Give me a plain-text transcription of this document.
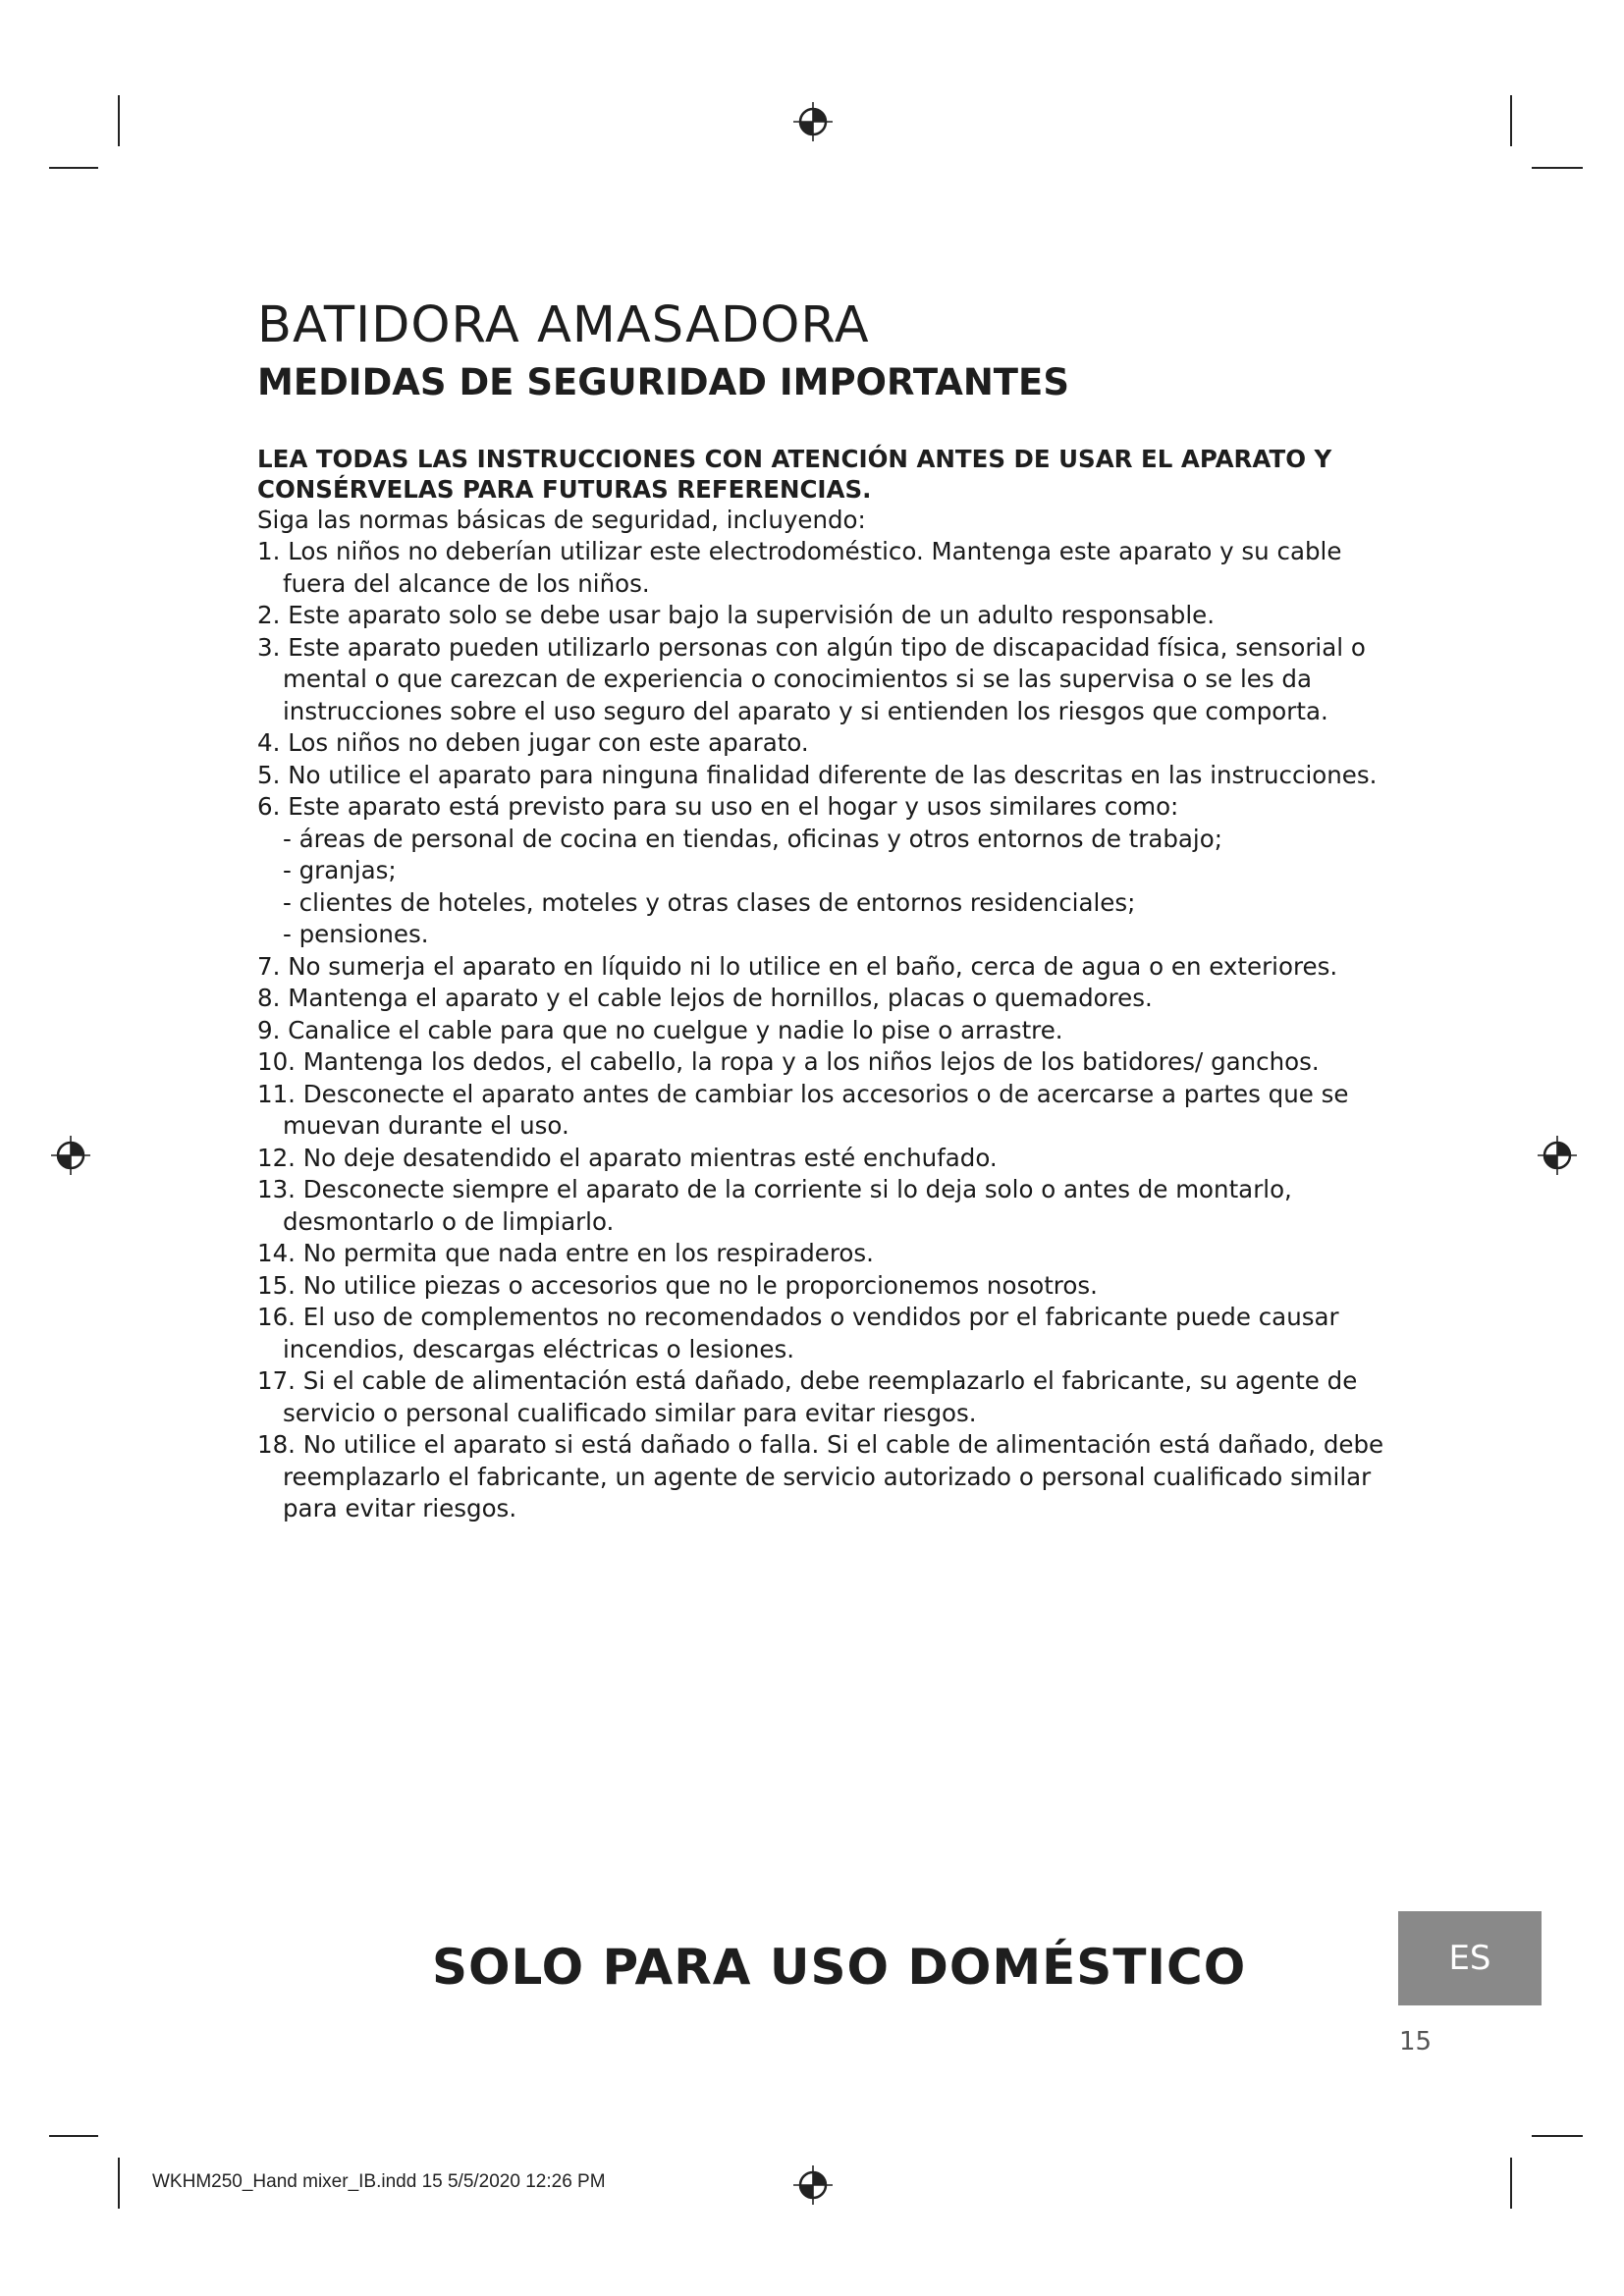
BATIDORA AMASADORA
MEDIDAS DE SEGURIDAD IMPORTANTES

LEA TODAS LAS INSTRUCCIONES CON ATENCIÓN ANTES DE USAR EL APARATO Y CONSÉRVELAS PARA FUTURAS REFERENCIAS.

Siga las normas básicas de seguridad, incluyendo:

1. Los niños no deberían utilizar este electrodoméstico. Mantenga este aparato y su cable fuera del alcance de los niños.
2. Este aparato solo se debe usar bajo la supervisión de un adulto responsable.
3. Este aparato pueden utilizarlo personas con algún tipo de discapacidad física, sensorial o mental o que carezcan de experiencia o conocimientos si se las supervisa o se les da instrucciones sobre el uso seguro del aparato y si entienden los riesgos que comporta.
4. Los niños no deben jugar con este aparato.
5. No utilice el aparato para ninguna finalidad diferente de las descritas en las instrucciones.
6. Este aparato está previsto para su uso en el hogar y usos similares como:
- áreas de personal de cocina en tiendas, oficinas y otros entornos de trabajo;
- granjas;
- clientes de hoteles, moteles y otras clases de entornos residenciales;
- pensiones.
7. No sumerja el aparato en líquido ni lo utilice en el baño, cerca de agua o en exteriores.
8. Mantenga el aparato y el cable lejos de hornillos, placas o quemadores.
9. Canalice el cable para que no cuelgue y nadie lo pise o arrastre.
10. Mantenga los dedos, el cabello, la ropa y a los niños lejos de los batidores/ ganchos.
11. Desconecte el aparato antes de cambiar los accesorios o de acercarse a partes que se muevan durante el uso.
12. No deje desatendido el aparato mientras esté enchufado.
13. Desconecte siempre el aparato de la corriente si lo deja solo o antes de montarlo, desmontarlo o de limpiarlo.
14. No permita que nada entre en los respiraderos.
15. No utilice piezas o accesorios que no le proporcionemos nosotros.
16. El uso de complementos no recomendados o vendidos por el fabricante puede causar incendios, descargas eléctricas o lesiones.
17. Si el cable de alimentación está dañado, debe reemplazarlo el fabricante, su agente de servicio o personal cualificado similar para evitar riesgos.
18. No utilice el aparato si está dañado o falla. Si el cable de alimentación está dañado, debe reemplazarlo el fabricante, un agente de servicio autorizado o personal cualificado similar para evitar riesgos.
SOLO PARA USO DOMÉSTICO	ES
15
WKHM250_Hand mixer_IB.indd 15 5/5/2020 12:26 PM
